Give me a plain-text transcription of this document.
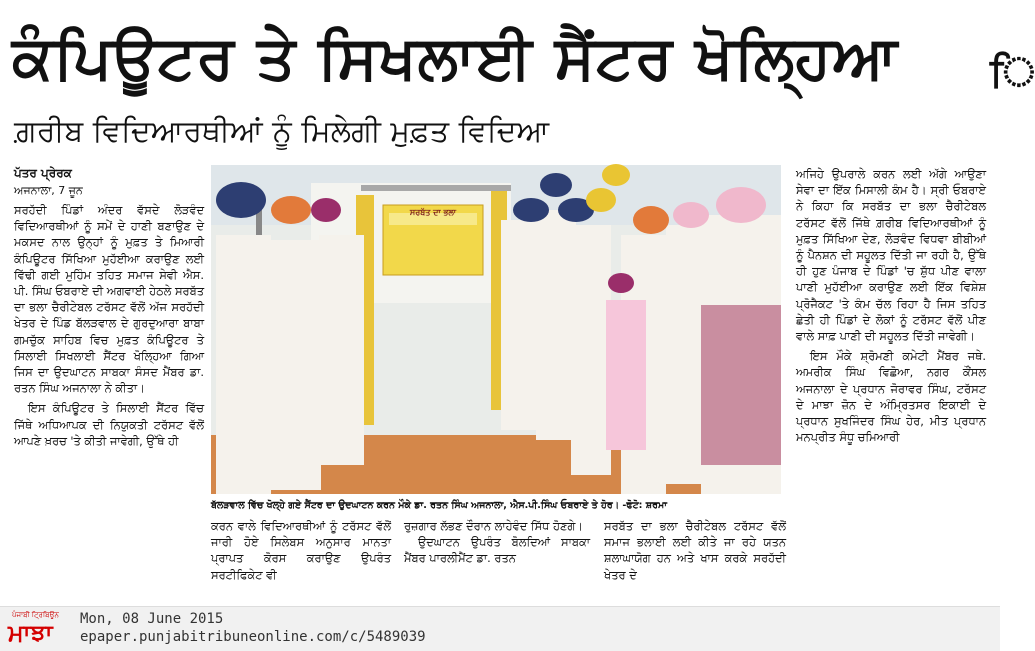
ਕੰਪਿਊਟਰ ਤੇ ਸਿਖਲਾਈ ਸੈਂਟਰ ਖੋਲ੍ਹਿਆ	ਿ
ਗ਼ਰੀਬ ਵਿਦਿਆਰਥੀਆਂ ਨੂੰ ਮਿਲੇਗੀ ਮੁਫ਼ਤ ਵਿਦਿਆ
ਪੱਤਰ ਪ੍ਰੇਰਕ
ਅਜਨਾਲਾ, 7 ਜੂਨ

ਸਰਹੱਦੀ ਪਿੰਡਾਂ ਅੰਦਰ ਵੱਸਦੇ ਲੋੜਵੰਦ ਵਿਦਿਆਰਥੀਆਂ ਨੂੰ ਸਮੇਂ ਦੇ ਹਾਣੀ ਬਣਾਉਣ ਦੇ ਮਕਸਦ ਨਾਲ ਉਨ੍ਹਾਂ ਨੂੰ ਮੁਫ਼ਤ ਤੇ ਮਿਆਰੀ ਕੰਪਿਊਟਰ ਸਿੱਖਿਆ ਮੁਹੱਈਆ ਕਰਾਉਣ ਲਈ ਵਿੱਢੀ ਗਈ ਮੁਹਿੰਮ ਤਹਿਤ ਸਮਾਜ ਸੇਵੀ ਐਸ. ਪੀ. ਸਿੰਘ ਓਬਰਾਏ ਦੀ ਅਗਵਾਈ ਹੇਠਲੇ ਸਰਬੱਤ ਦਾ ਭਲਾ ਚੈਰੀਟੇਬਲ ਟਰੱਸਟ ਵੱਲੋਂ ਅੱਜ ਸਰਹੱਦੀ ਖੇਤਰ ਦੇ ਪਿੰਡ ਬੱਲੜਵਾਲ ਦੇ ਗੁਰਦੁਆਰਾ ਬਾਬਾ ਗਮਚੁੱਕ ਸਾਹਿਬ ਵਿਚ ਮੁਫ਼ਤ ਕੰਪਿਊਟਰ ਤੇ ਸਿਲਾਈ ਸਿਖਲਾਈ ਸੈਂਟਰ ਖੋਲ੍ਹਿਆ ਗਿਆ ਜਿਸ ਦਾ ਉਦਘਾਟਨ ਸਾਬਕਾ ਸੰਸਦ ਮੈਂਬਰ ਡਾ. ਰਤਨ ਸਿੰਘ ਅਜਨਾਲਾ ਨੇ ਕੀਤਾ।

ਇਸ ਕੰਪਿਊਟਰ ਤੇ ਸਿਲਾਈ ਸੈਂਟਰ ਵਿੱਚ ਜਿੱਥੇ ਅਧਿਆਪਕ ਦੀ ਨਿਯੁਕਤੀ ਟਰੱਸਟ ਵੱਲੋਂ ਆਪਣੇ ਖ਼ਰਚ 'ਤੇ ਕੀਤੀ ਜਾਵੇਗੀ, ਉੱਥੇ ਹੀ

ਸਰਬੱਤ ਦਾ ਭਲਾ
ਬੱਲੜਵਾਲ ਵਿੱਚ ਖੋਲ੍ਹੇ ਗਏ ਸੈਂਟਰ ਦਾ ਉਦਘਾਟਨ ਕਰਨ ਮੌਕੇ ਡਾ. ਰਤਨ ਸਿੰਘ ਅਜਨਾਲਾ, ਐਸ.ਪੀ.ਸਿੰਘ ਓਬਰਾਏ ਤੇ ਹੋਰ। -ਫੋਟੋ: ਸ਼ਰਮਾ

ਕਰਨ ਵਾਲੇ ਵਿਦਿਆਰਥੀਆਂ ਨੂੰ ਟਰੱਸਟ ਵੱਲੋਂ ਜਾਰੀ ਹੋਏ ਸਿਲੇਬਸ ਅਨੁਸਾਰ ਮਾਨਤਾ ਪ੍ਰਾਪਤ ਕੋਰਸ ਕਰਾਉਣ ਉਪਰੰਤ ਸਰਟੀਫਿਕੇਟ ਵੀ

ਰੁਜ਼ਗਾਰ ਲੱਭਣ ਦੌਰਾਨ ਲਾਹੇਵੰਦ ਸਿੱਧ ਹੋਣਗੇ।

ਉਦਘਾਟਨ ਉਪਰੰਤ ਬੋਲਦਿਆਂ ਸਾਬਕਾ ਮੈਂਬਰ ਪਾਰਲੀਮੈਂਟ ਡਾ. ਰਤਨ

ਸਰਬੱਤ ਦਾ ਭਲਾ ਚੈਰੀਟੇਬਲ ਟਰੱਸਟ ਵੱਲੋਂ ਸਮਾਜ ਭਲਾਈ ਲਈ ਕੀਤੇ ਜਾ ਰਹੇ ਯਤਨ ਸ਼ਲਾਘਾਯੋਗ ਹਨ ਅਤੇ ਖਾਸ ਕਰਕੇ ਸਰਹੱਦੀ ਖੇਤਰ ਦੇ

ਅਜਿਹੇ ਉਪਰਾਲੇ ਕਰਨ ਲਈ ਅੱਗੇ ਆਉਣਾ ਸੇਵਾ ਦਾ ਇੱਕ ਮਿਸਾਲੀ ਕੰਮ ਹੈ। ਸ੍ਰੀ ਓਬਰਾਏ ਨੇ ਕਿਹਾ ਕਿ ਸਰਬੱਤ ਦਾ ਭਲਾ ਚੈਰੀਟੇਬਲ ਟਰੱਸਟ ਵੱਲੋਂ ਜਿੱਥੇ ਗ਼ਰੀਬ ਵਿਦਿਆਰਥੀਆਂ ਨੂੰ ਮੁਫ਼ਤ ਸਿੱਖਿਆ ਦੇਣ, ਲੋੜਵੰਦ ਵਿਧਵਾ ਬੀਬੀਆਂ ਨੂੰ ਪੈਨਸ਼ਨ ਦੀ ਸਹੂਲਤ ਦਿੱਤੀ ਜਾ ਰਹੀ ਹੈ, ਉੱਥੇ ਹੀ ਹੁਣ ਪੰਜਾਬ ਦੇ ਪਿੰਡਾਂ 'ਚ ਸ਼ੁੱਧ ਪੀਣ ਵਾਲਾ ਪਾਣੀ ਮੁਹੱਈਆ ਕਰਾਉਣ ਲਈ ਇੱਕ ਵਿਸ਼ੇਸ਼ ਪ੍ਰੋਜੈਕਟ 'ਤੇ ਕੰਮ ਚੱਲ ਰਿਹਾ ਹੈ ਜਿਸ ਤਹਿਤ ਛੇਤੀ ਹੀ ਪਿੰਡਾਂ ਦੇ ਲੋਕਾਂ ਨੂੰ ਟਰੱਸਟ ਵੱਲੋਂ ਪੀਣ ਵਾਲੇ ਸਾਫ਼ ਪਾਣੀ ਦੀ ਸਹੂਲਤ ਦਿੱਤੀ ਜਾਵੇਗੀ।

ਇਸ ਮੌਕੇ ਸ਼੍ਰੋਮਣੀ ਕਮੇਟੀ ਮੈਂਬਰ ਜਥੇ. ਅਮਰੀਕ ਸਿੰਘ ਵਿਛੋਆ, ਨਗਰ ਕੌਂਸਲ ਅਜਨਾਲਾ ਦੇ ਪ੍ਰਧਾਨ ਜੋਰਾਵਰ ਸਿੰਘ, ਟਰੱਸਟ ਦੇ ਮਾਝਾ ਜ਼ੋਨ ਦੇ ਅੰਮ੍ਰਿਤਸਰ ਇਕਾਈ ਦੇ ਪ੍ਰਧਾਨ ਸੁਖਜਿੰਦਰ ਸਿੰਘ ਹੇਰ, ਮੀਤ ਪ੍ਰਧਾਨ ਮਨਪ੍ਰੀਤ ਸੰਧੂ ਚਮਿਆਰੀ

ਪੰਜਾਬੀ ਟ੍ਰਿਬਿਊਨ
ਮਾਝਾ Mon, 08 June 2015
epaper.punjabitribuneonline.com/c/5489039
